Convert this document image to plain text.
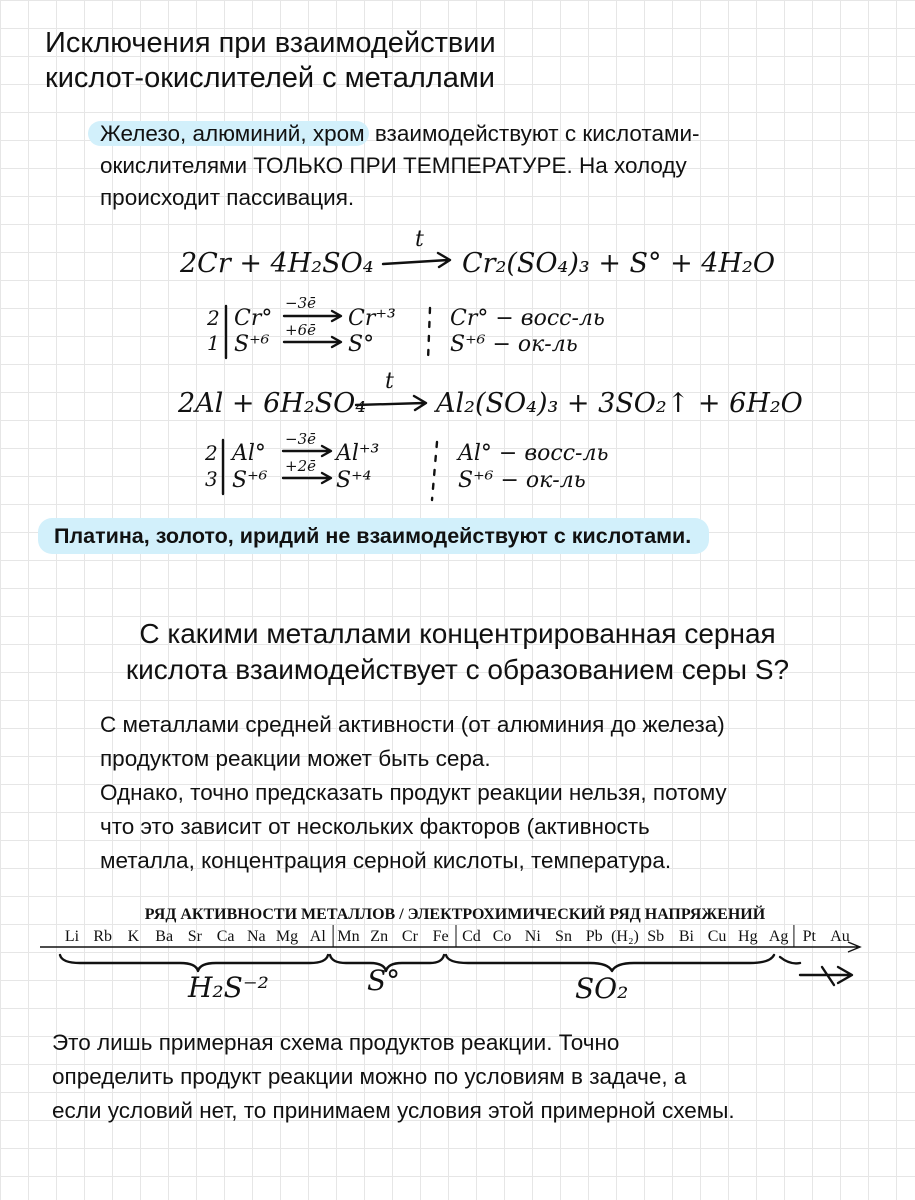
Исключения при взаимодействии
кислот-окислителей с металлами
Железо, алюминий, хром взаимодействуют с кислотами-
окислителями ТОЛЬКО ПРИ ТЕМПЕРАТУРЕ. На холоду
происходит пассивация.
2Cr + 4H₂SO₄
t
Cr₂(SO₄)₃ + S° + 4H₂O
2
1
Cr°
−3ē
Cr⁺³
S⁺⁶
+6ē
S°
Cr° − восс-ль
S⁺⁶ − ок-ль
2Al + 6H₂SO₄
t
Al₂(SO₄)₃ + 3SO₂↑ + 6H₂O
2
3
Al°
−3ē
Al⁺³
S⁺⁶
+2ē
S⁺⁴
Al° − восс-ль
S⁺⁶ − ок-ль
Платина, золото, иридий не взаимодействуют с кислотами.
С какими металлами концентрированная серная
кислота взаимодействует с образованием серы S?
С металлами средней активности (от алюминия до железа)
продуктом реакции может быть сера.
Однако, точно предсказать продукт реакции нельзя, потому
что это зависит от нескольких факторов (активность
металла, концентрация серной кислоты, температура.
РЯД АКТИВНОСТИ МЕТАЛЛОВ / ЭЛЕКТРОХИМИЧЕСКИЙ РЯД НАПРЯЖЕНИЙ
Li Rb K Ba Sr Ca Na Mg Al Mn Zn Cr Fe Cd Co Ni Sn Pb (H₂) Sb Bi Cu Hg Ag Pt Au
H₂S⁻²	S°	SO₂
Это лишь примерная схема продуктов реакции. Точно
определить продукт реакции можно по условиям в задаче, а
если условий нет, то принимаем условия этой примерной схемы.
